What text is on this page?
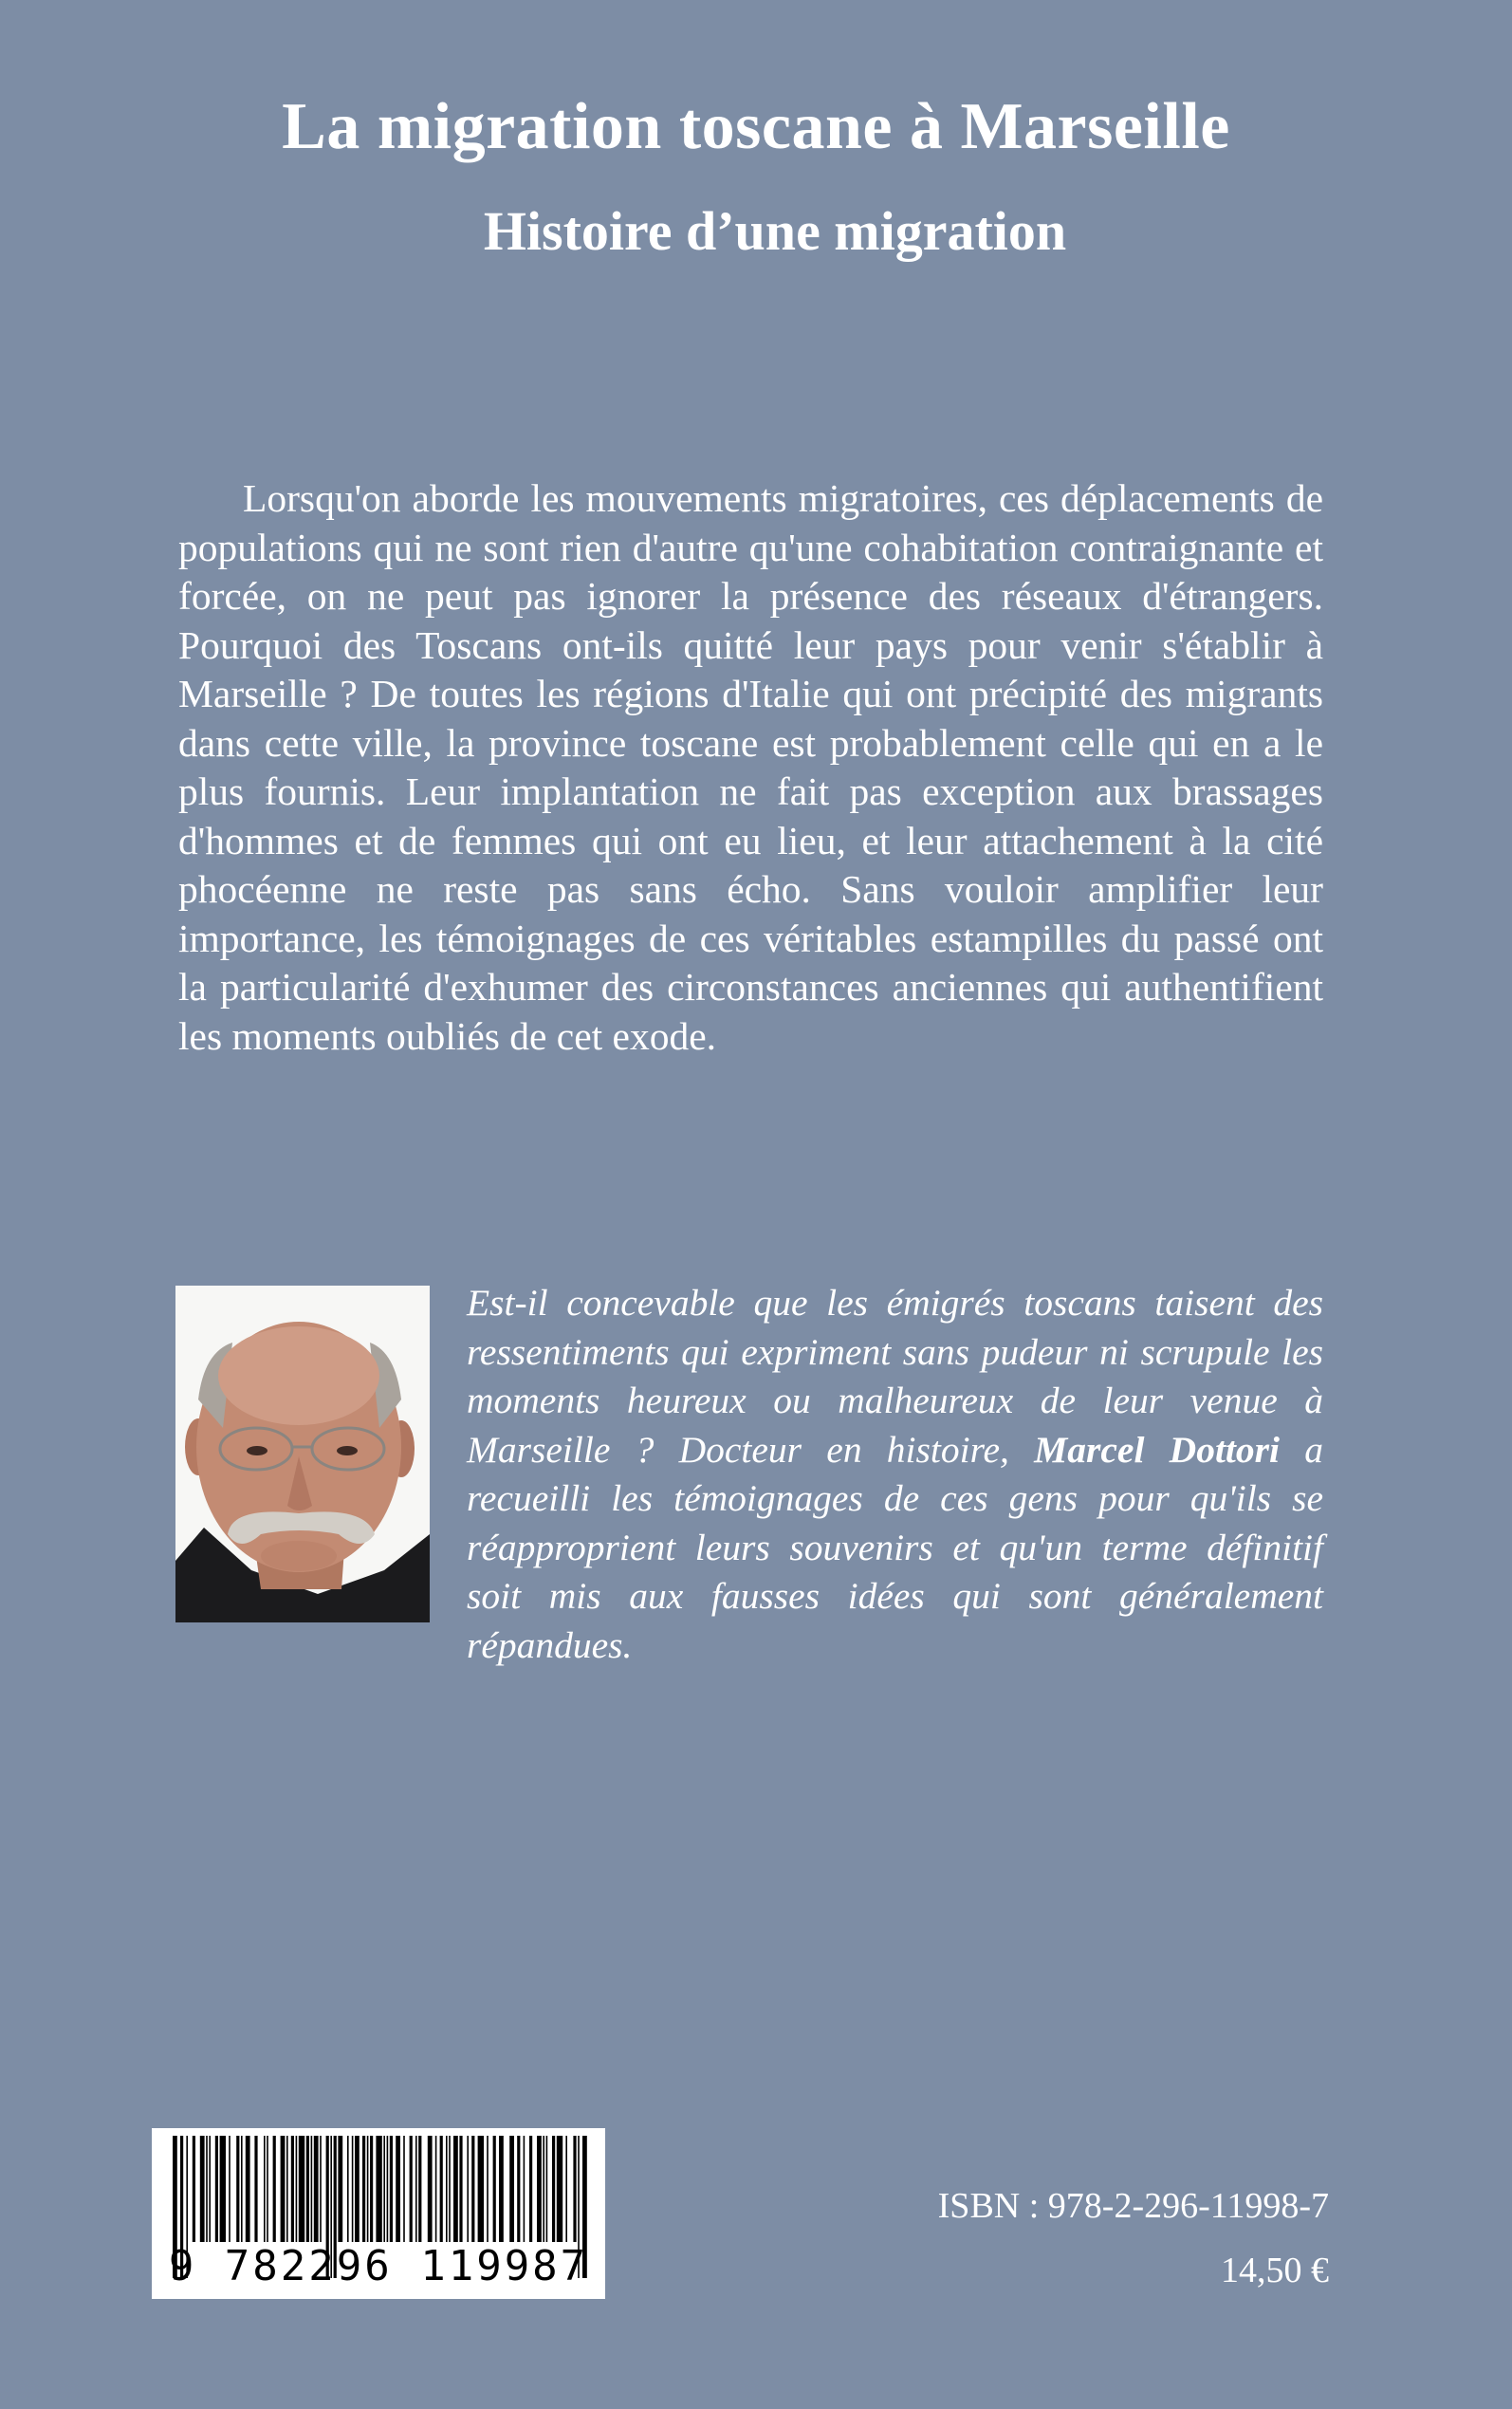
La migration toscane à Marseille
Histoire d’une migration

Lorsqu'on aborde les mouvements migratoires, ces déplacements de populations qui ne sont rien d'autre qu'une cohabitation contraignante et forcée, on ne peut pas ignorer la présence des réseaux d'étrangers. Pourquoi des Toscans ont-ils quitté leur pays pour venir s'établir à Marseille ? De toutes les régions d'Italie qui ont précipité des migrants dans cette ville, la province toscane est probablement celle qui en a le plus fournis. Leur implantation ne fait pas exception aux brassages d'hommes et de femmes qui ont eu lieu, et leur attachement à la cité phocéenne ne reste pas sans écho. Sans vouloir amplifier leur importance, les témoignages de ces véritables estampilles du passé ont la particularité d'exhumer des circonstances anciennes qui authentifient les moments oubliés de cet exode.

Est-il concevable que les émigrés toscans taisent des ressentiments qui expriment sans pudeur ni scrupule les moments heureux ou malheureux de leur venue à Marseille ? Docteur en histoire, Marcel Dottori a recueilli les témoignages de ces gens pour qu'ils se réapproprient leurs souvenirs et qu'un terme définitif soit mis aux fausses idées qui sont généralement répandues.

9 782296 119987

ISBN : 978-2-296-11998-7

14,50 €
